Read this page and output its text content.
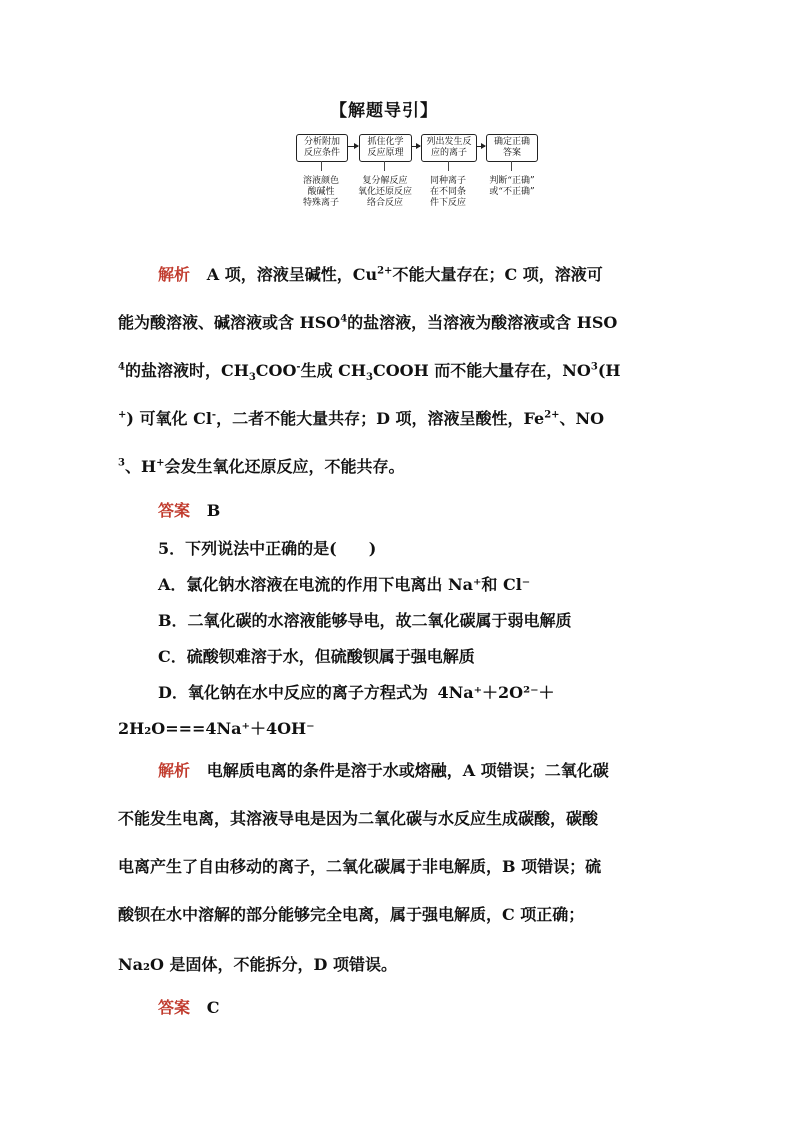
【解题导引】
分析附加
反应条件
抓住化学
反应原理
列出发生反
应的离子
确定正确
答案
溶液颜色
酸碱性
特殊离子
复分解反应
氧化还原反应
络合反应
同种离子
在不同条
件下反应
判断“正确”
或“不正确”
解析 A 项，溶液呈碱性，$Cu^{2+}$不能大量存在；C 项，溶液可
能为酸溶液、碱溶液或含 HSO$^4$的盐溶液，当溶液为酸溶液或含 HSO
$^4$的盐溶液时，$CH_3COO^-$生成 $CH_3COOH$ 而不能大量存在，$NO^3(H$
+) 可氧化 Cl-，二者不能大量共存；D 项，溶液呈酸性，$Fe^{2+}$、NO
$^3$、H+会发生氧化还原反应，不能共存。
答案 B
5．下列说法中正确的是(　　)
A．氯化钠水溶液在电流的作用下电离出 Na⁺和 Cl⁻
B．二氧化碳的水溶液能够导电，故二氧化碳属于弱电解质
C．硫酸钡难溶于水，但硫酸钡属于强电解质
D．氧化钠在水中反应的离子方程式为 4Na⁺＋2O²⁻＋
2H₂O===4Na⁺＋4OH⁻
解析 电解质电离的条件是溶于水或熔融，A 项错误；二氧化碳
不能发生电离，其溶液导电是因为二氧化碳与水反应生成碳酸，碳酸
电离产生了自由移动的离子，二氧化碳属于非电解质，B 项错误；硫
酸钡在水中溶解的部分能够完全电离，属于强电解质，C 项正确；
Na₂O 是固体，不能拆分，D 项错误。
答案 C
